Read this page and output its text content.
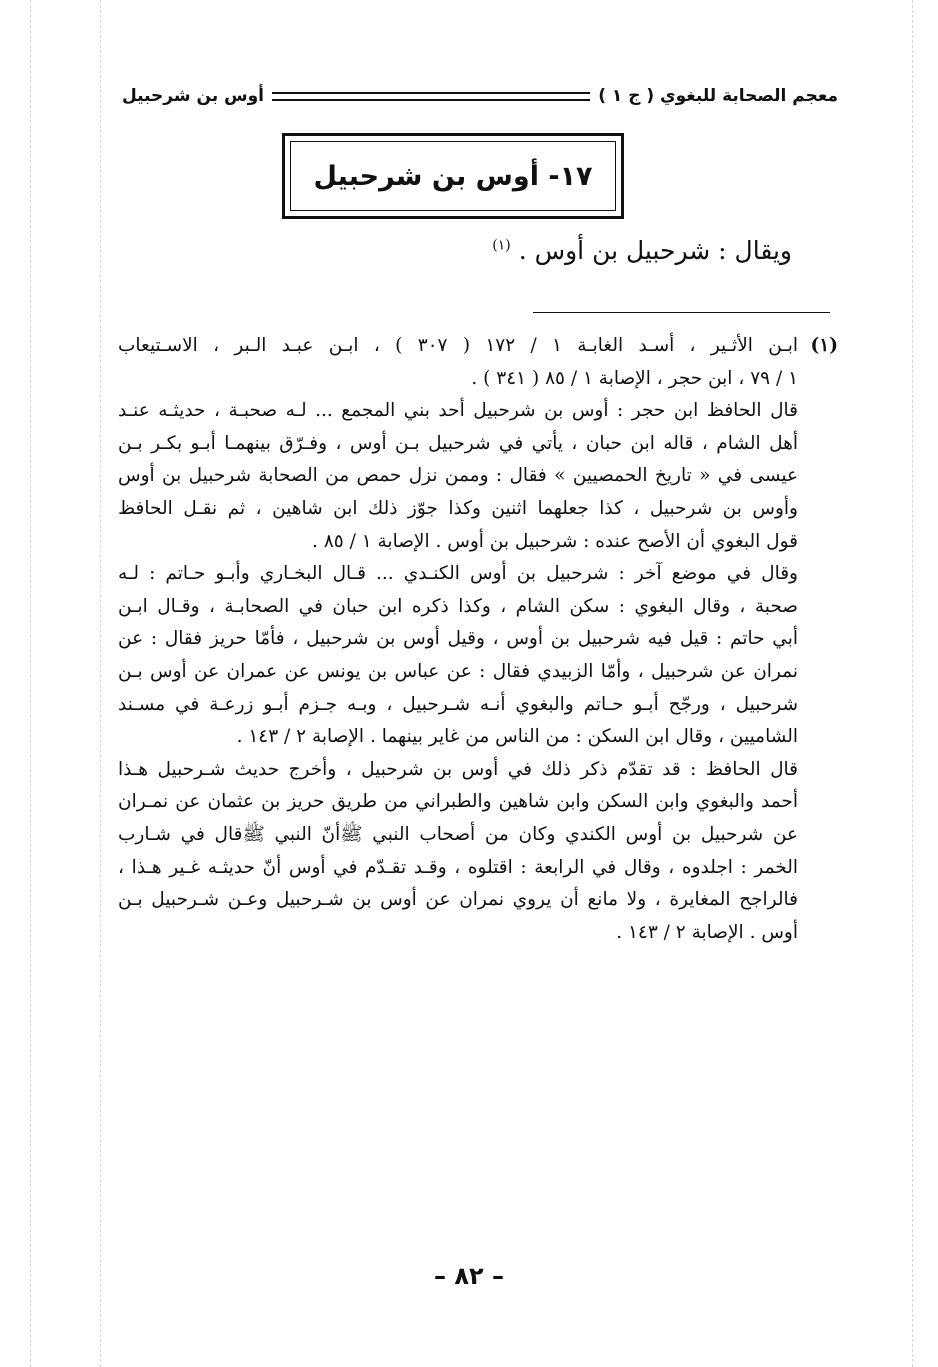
معجم الصحابة للبغوي ( ج ١ )
أوس بن شرحبيل
١٧- أوس بن شرحبيل
ويقال : شرحبيل بن أوس . $^{(١)}$
(١)
ابـن الأثـير ، أسـد الغابـة ١ / ١٧٢ ( ٣٠٧ ) ، ابـن عبـد الـبر ، الاسـتيعاب
١ / ٧٩ ، ابن حجر ، الإصابة ١ / ٨٥ ( ٣٤١ ) .
قال الحافظ ابن حجر : أوس بن شرحبيل أحد بني المجمع ... لـه صحبـة ، حديثـه عنـد
أهل الشام ، قاله ابن حبان ، يأتي في شرحبيل بـن أوس ، وفـرّق بينهمـا أبـو بكـر بـن
عيسى في « تاريخ الحمصيين » فقال : وممن نزل حمص من الصحابة شرحبيل بن أوس
وأوس بن شرحبيل ، كذا جعلهما اثنين وكذا جوّز ذلك ابن شاهين ، ثم نقـل الحافظ
قول البغوي أن الأصح عنده : شرحبيل بن أوس . الإصابة ١ / ٨٥ .
وقال في موضع آخر : شرحبيل بن أوس الكنـدي ... قـال البخـاري وأبـو حـاتم : لـه
صحبة ، وقال البغوي : سكن الشام ، وكذا ذكره ابن حبان في الصحابـة ، وقـال ابـن
أبي حاتم : قيل فيه شرحبيل بن أوس ، وقيل أوس بن شرحبيل ، فأمّا حريز فقال : عن
نمران عن شرحبيل ، وأمّا الزبيدي فقال : عن عباس بن يونس عن عمران عن أوس بـن
شرحبيل ، ورجّح أبـو حـاتم والبغوي أنـه شـرحبيل ، وبـه جـزم أبـو زرعـة في مسـند
الشاميين ، وقال ابن السكن : من الناس من غاير بينهما . الإصابة ٢ / ١٤٣ .
قال الحافظ : قد تقدّم ذكر ذلك في أوس بن شرحبيل ، وأخرج حديث شـرحبيل هـذا
أحمد والبغوي وابن السكن وابن شاهين والطبراني من طريق حريز بن عثمان عن نمـران
عن شرحبيل بن أوس الكندي وكان من أصحاب النبي ﷺأنّ النبي ﷺقال في شـارب
الخمر : اجلدوه ، وقال في الرابعة : اقتلوه ، وقـد تقـدّم في أوس أنّ حديثـه غـير هـذا ،
فالراجح المغايرة ، ولا مانع أن يروي نمران عن أوس بن شـرحبيل وعـن شـرحبيل بـن
أوس . الإصابة ٢ / ١٤٣ .
– ٨٢ –
